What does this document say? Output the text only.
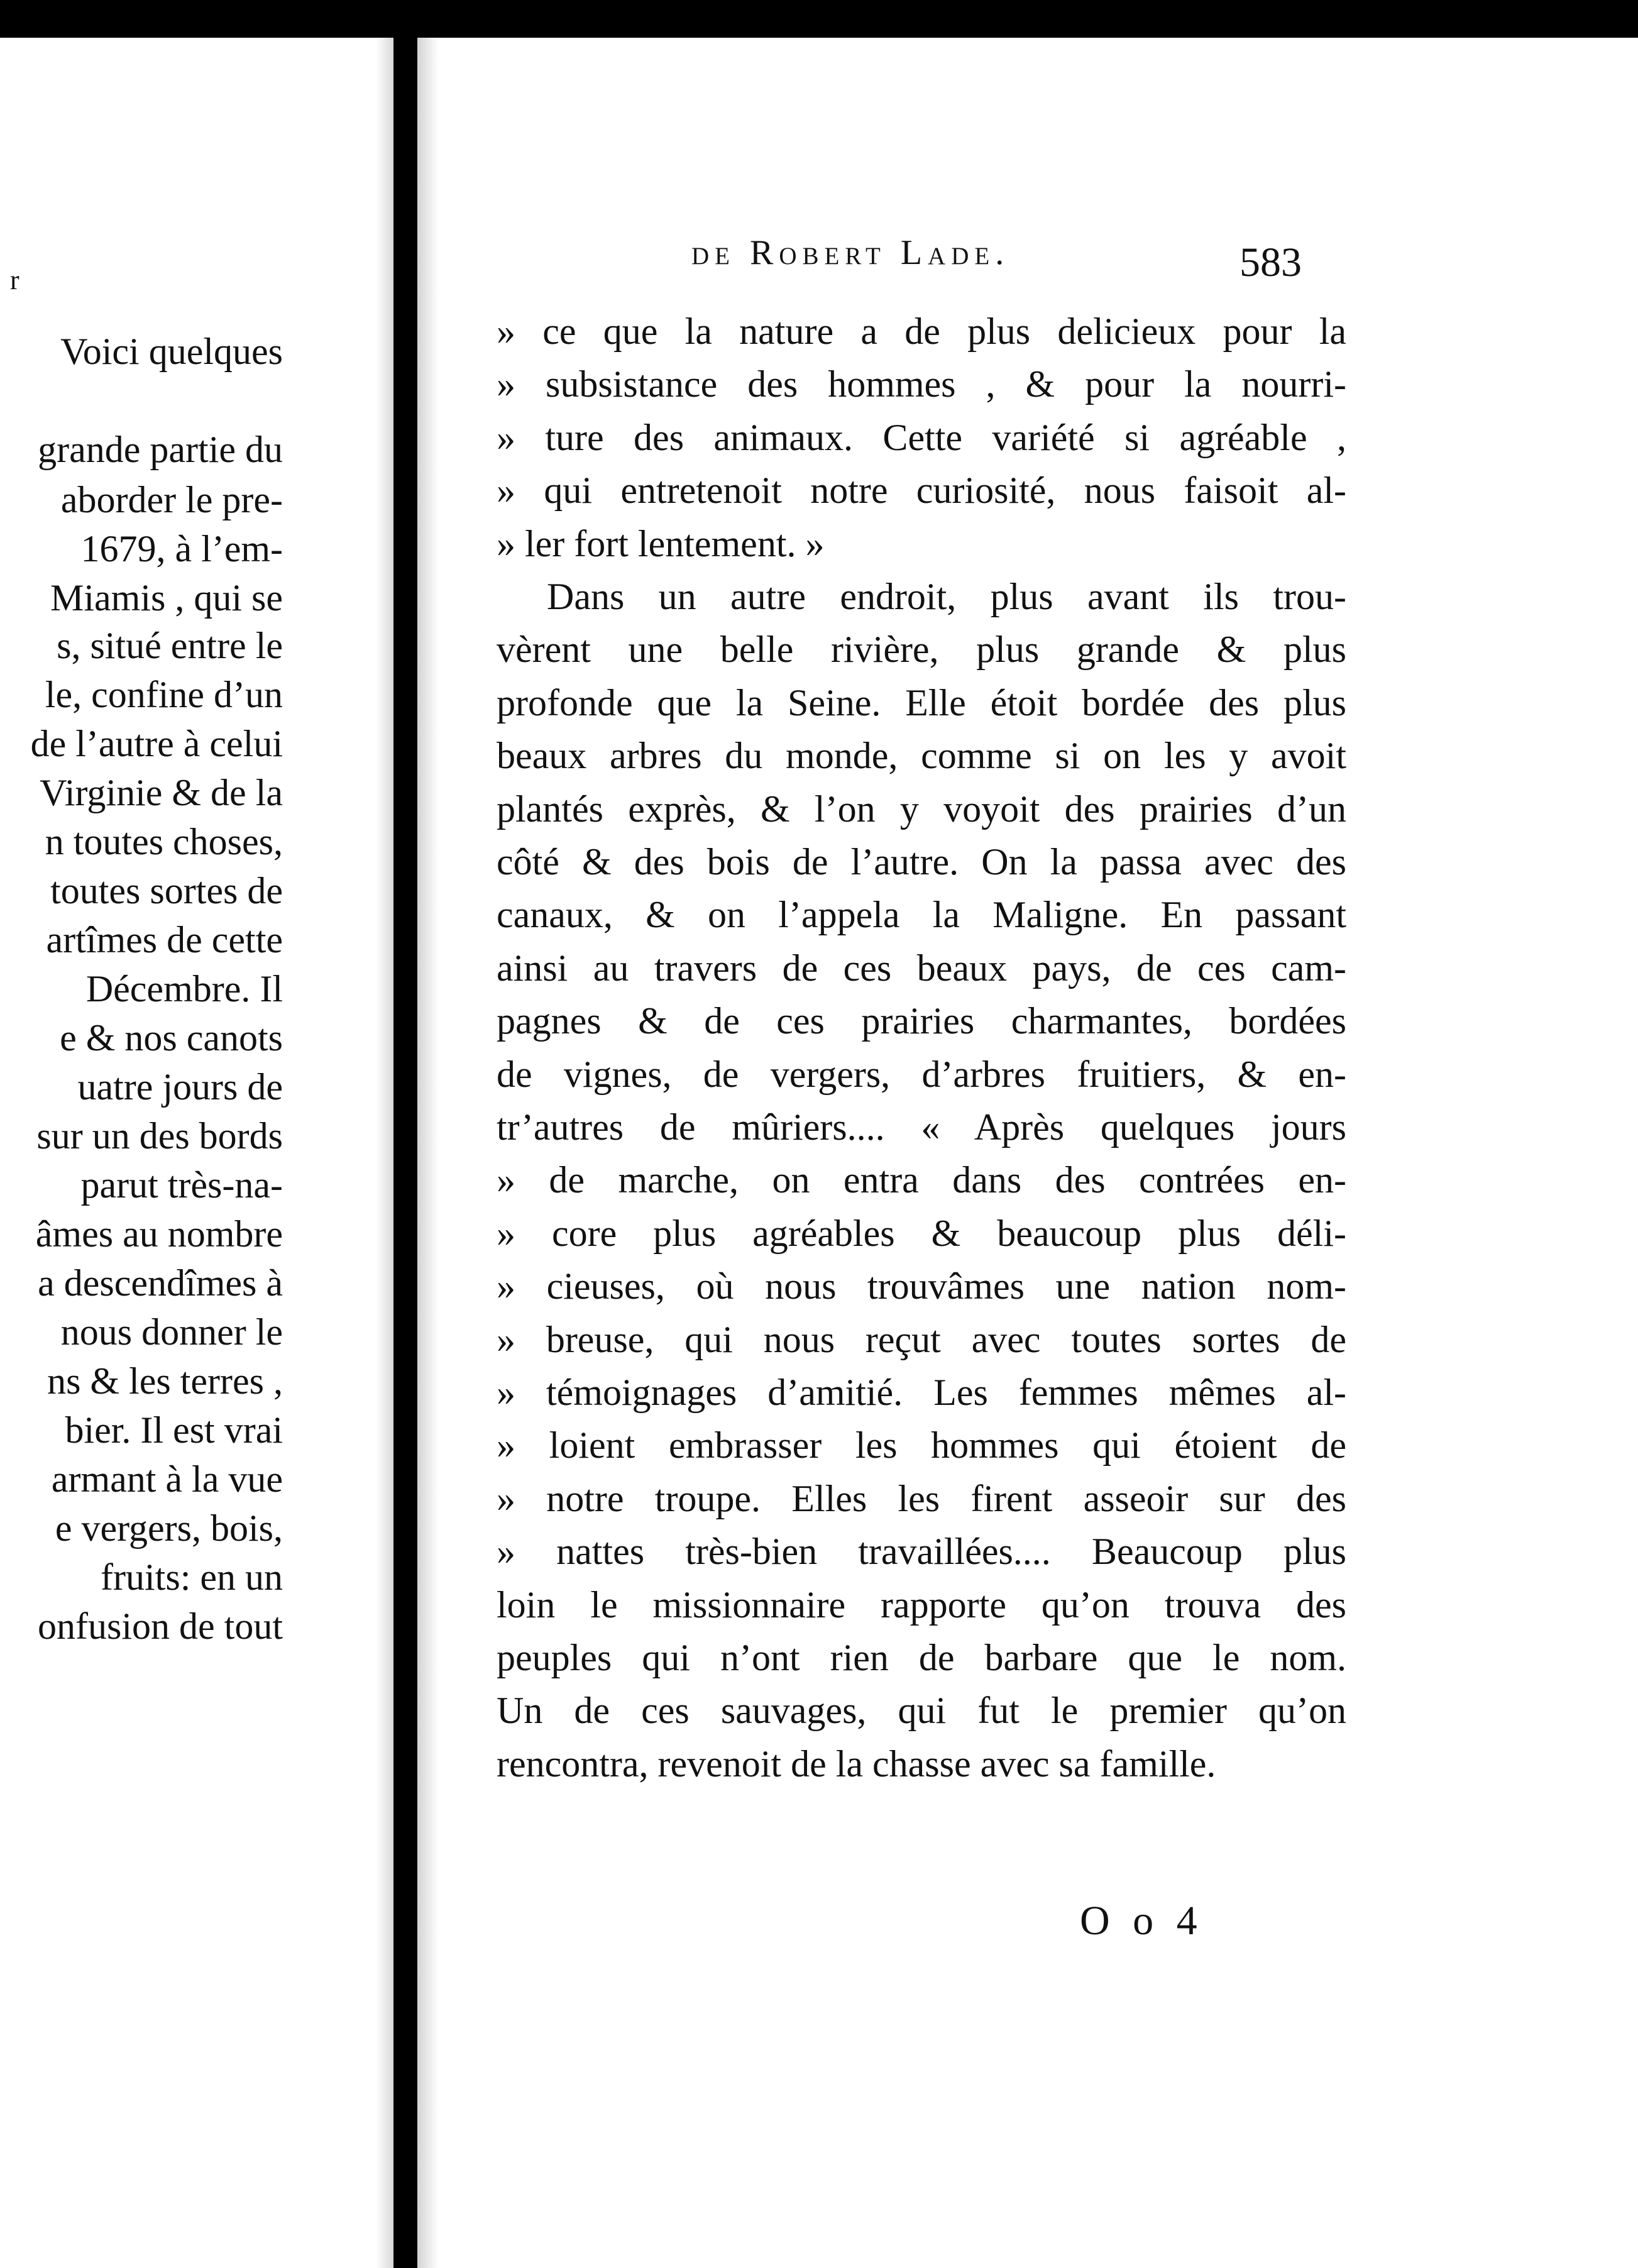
r
Voici quelques
grande partie du
aborder le pre-
1679, à l’em-
Miamis , qui se
s, situé entre le
le, confine d’un
de l’autre à celui
Virginie & de la
n toutes choses,
toutes sortes de
artîmes de cette
Décembre. Il
e & nos canots
uatre jours de
sur un des bords
parut très-na-
âmes au nombre
a descendîmes à
nous donner le
ns & les terres ,
bier. Il est vrai
armant à la vue
e vergers, bois,
fruits: en un
onfusion de tout
de Robert Lade.	583
» ce que la nature a de plus delicieux pour la
» subsistance des hommes , & pour la nourri-
» ture des animaux. Cette variété si agréable ,
» qui entretenoit notre curiosité, nous faisoit al-
» ler fort lentement. »
Dans un autre endroit, plus avant ils trou-
vèrent une belle rivière, plus grande & plus
profonde que la Seine. Elle étoit bordée des plus
beaux arbres du monde, comme si on les y avoit
plantés exprès, & l’on y voyoit des prairies d’un
côté & des bois de l’autre. On la passa avec des
canaux, & on l’appela la Maligne. En passant
ainsi au travers de ces beaux pays, de ces cam-
pagnes & de ces prairies charmantes, bordées
de vignes, de vergers, d’arbres fruitiers, & en-
tr’autres de mûriers.... « Après quelques jours
» de marche, on entra dans des contrées en-
» core plus agréables & beaucoup plus déli-
» cieuses, où nous trouvâmes une nation nom-
» breuse, qui nous reçut avec toutes sortes de
» témoignages d’amitié. Les femmes mêmes al-
» loient embrasser les hommes qui étoient de
» notre troupe. Elles les firent asseoir sur des
» nattes très-bien travaillées.... Beaucoup plus
loin le missionnaire rapporte qu’on trouva des
peuples qui n’ont rien de barbare que le nom.
Un de ces sauvages, qui fut le premier qu’on
rencontra, revenoit de la chasse avec sa famille.
O o 4
